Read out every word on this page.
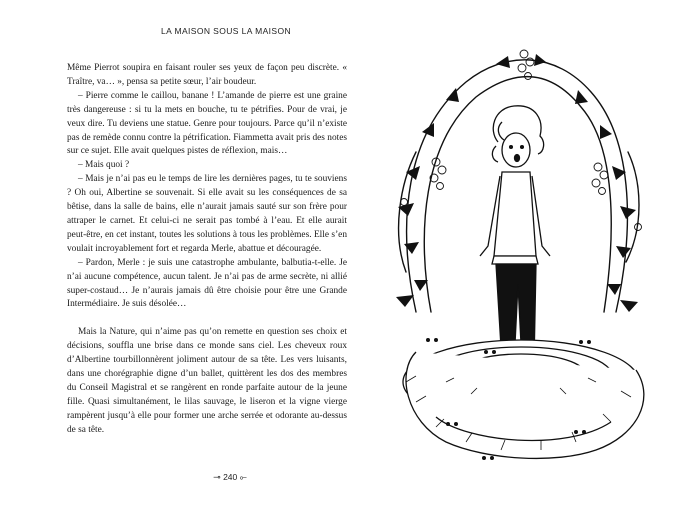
LA MAISON SOUS LA MAISON

Même Pierrot soupira en faisant rouler ses yeux de façon peu discrète. « Traître, va… », pensa sa petite sœur, l’air boudeur.

– Pierre comme le caillou, banane ! L’amande de pierre est une graine très dangereuse : si tu la mets en bouche, tu te pétrifies. Pour de vrai, je veux dire. Tu deviens une statue. Genre pour toujours. Parce qu’il n’existe pas de remède connu contre la pétrification. Fiammetta avait pris des notes sur ce sujet. Elle avait quelques pistes de réflexion, mais…

– Mais quoi ?

– Mais je n’ai pas eu le temps de lire les dernières pages, tu te souviens ? Oh oui, Albertine se souvenait. Si elle avait su les conséquences de sa bêtise, dans la salle de bains, elle n’aurait jamais sauté sur son frère pour attraper le carnet. Et celui-ci ne serait pas tombé à l’eau. Et elle aurait peut-être, en cet instant, toutes les solutions à tous les problèmes. Elle s’en voulait incroyablement fort et regarda Merle, abattue et découragée.

– Pardon, Merle : je suis une catastrophe ambulante, balbutia-t-elle. Je n’ai aucune compétence, aucun talent. Je n’ai pas de arme secrète, ni allié super-costaud… Je n’aurais jamais dû être choisie pour être une Grande Intermédiaire. Je suis désolée…

Mais la Nature, qui n’aime pas qu’on remette en question ses choix et décisions, souffla une brise dans ce monde sans ciel. Les cheveux roux d’Albertine tourbillonnèrent joliment autour de sa tête. Les vers luisants, dans une chorégraphie digne d’un ballet, quittèrent les dos des membres du Conseil Magistral et se rangèrent en ronde parfaite autour de la jeune fille. Quasi simultanément, le lilas sauvage, le liseron et la vigne vierge rampèrent jusqu’à elle pour former une arche serrée et odorante au-dessus de sa tête.

⊸ 240 ⟜
